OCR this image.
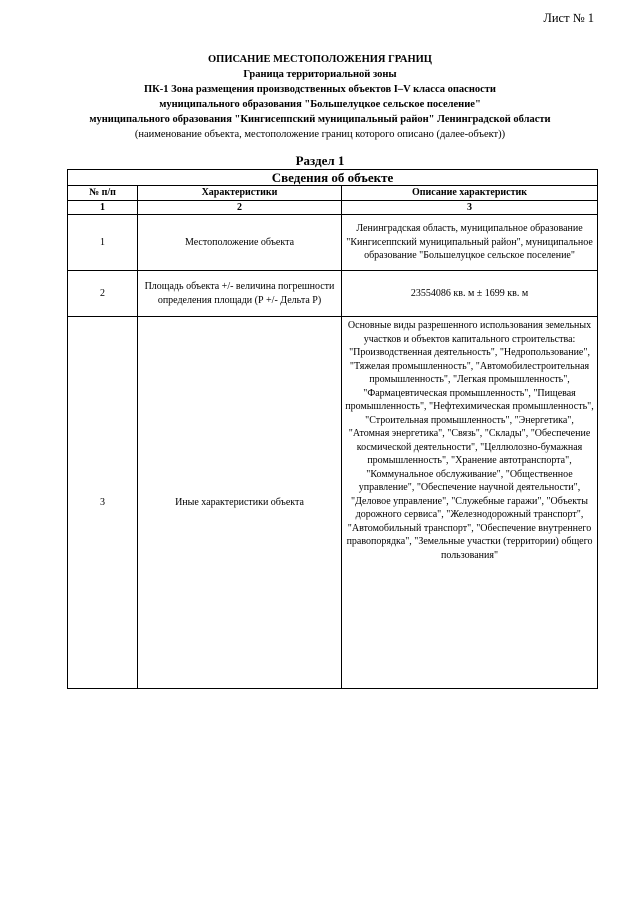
Лист № 1
ОПИСАНИЕ МЕСТОПОЛОЖЕНИЯ ГРАНИЦ
Граница территориальной зоны
ПК-1 Зона размещения производственных объектов I–V класса опасности
муниципального образования "Большелуцкое сельское поселение"
муниципального образования "Кингисеппский муниципальный район" Ленинградской области
(наименование объекта, местоположение границ которого описано (далее-объект))
Раздел 1
Сведения об объекте		
№ п/п	Характеристики	Описание характеристик
1	2	3
1	Местоположение объекта	Ленинградская область, муниципальное образование "Кингисеппский муниципальный район", муниципальное образование "Большелуцкое сельское поселение"
2	Площадь объекта +/- величина погрешности определения площади (Р +/- Дельта Р)	23554086 кв. м ± 1699 кв. м
3	Иные характеристики объекта	Основные виды разрешенного использования земельных участков и объектов капитального строительства: "Производственная деятельность", "Недропользование", "Тяжелая промышленность", "Автомобилестроительная промышленность", "Легкая промышленность", "Фармацевтическая промышленность", "Пищевая промышленность", "Нефтехимическая промышленность", "Строительная промышленность", "Энергетика", "Атомная энергетика", "Связь", "Склады", "Обеспечение космической деятельности", "Целлюлозно-бумажная промышленность", "Хранение автотранспорта", "Коммунальное обслуживание", "Общественное управление", "Обеспечение научной деятельности", "Деловое управление", "Служебные гаражи", "Объекты дорожного сервиса", "Железнодорожный транспорт", "Автомобильный транспорт", "Обеспечение внутреннего правопорядка", "Земельные участки (территории) общего пользования"
